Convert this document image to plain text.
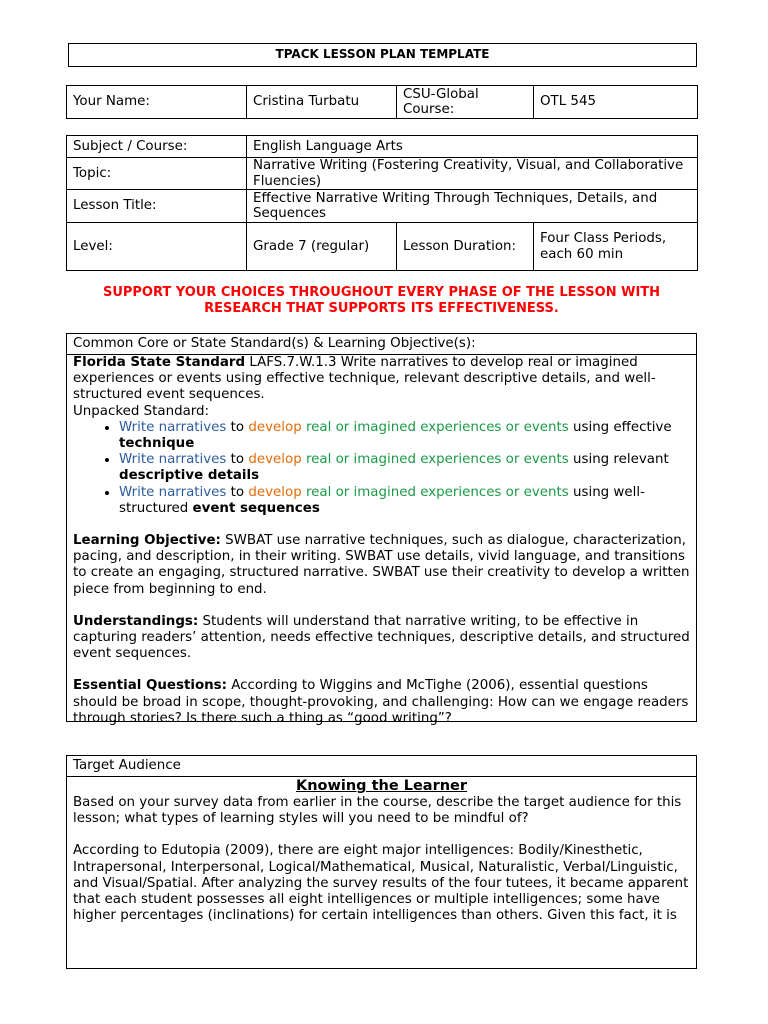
TPACK LESSON PLAN TEMPLATE
Your Name:	Cristina Turbatu	CSU-Global Course:	OTL 545
Subject / Course:	English Language Arts		
Topic:	Narrative Writing (Fostering Creativity, Visual, and Collaborative Fluencies)		
Lesson Title:	Effective Narrative Writing Through Techniques, Details, and Sequences		
Level:	Grade 7 (regular)	Lesson Duration:	Four Class Periods, each 60 min
SUPPORT YOUR CHOICES THROUGHOUT EVERY PHASE OF THE LESSON WITH RESEARCH THAT SUPPORTS ITS EFFECTIVENESS.
Common Core or State Standard(s) & Learning Objective(s):

Florida State Standard LAFS.7.W.1.3 Write narratives to develop real or imagined experiences or events using effective technique, relevant descriptive details, and well-structured event sequences.

Unpacked Standard:

• Write narratives to develop real or imagined experiences or events using effective technique
• Write narratives to develop real or imagined experiences or events using relevant descriptive details
• Write narratives to develop real or imagined experiences or events using well-structured event sequences

Learning Objective: SWBAT use narrative techniques, such as dialogue, characterization, pacing, and description, in their writing. SWBAT use details, vivid language, and transitions to create an engaging, structured narrative. SWBAT use their creativity to develop a written piece from beginning to end.

Understandings: Students will understand that narrative writing, to be effective in capturing readers’ attention, needs effective techniques, descriptive details, and structured event sequences.

Essential Questions: According to Wiggins and McTighe (2006), essential questions should be broad in scope, thought-provoking, and challenging: How can we engage readers through stories? Is there such a thing as “good writing”?

Target Audience
Knowing the Learner

Based on your survey data from earlier in the course, describe the target audience for this lesson; what types of learning styles will you need to be mindful of?

According to Edutopia (2009), there are eight major intelligences: Bodily/Kinesthetic, Intrapersonal, Interpersonal, Logical/Mathematical, Musical, Naturalistic, Verbal/Linguistic, and Visual/Spatial. After analyzing the survey results of the four tutees, it became apparent that each student possesses all eight intelligences or multiple intelligences; some have higher percentages (inclinations) for certain intelligences than others. Given this fact, it is
